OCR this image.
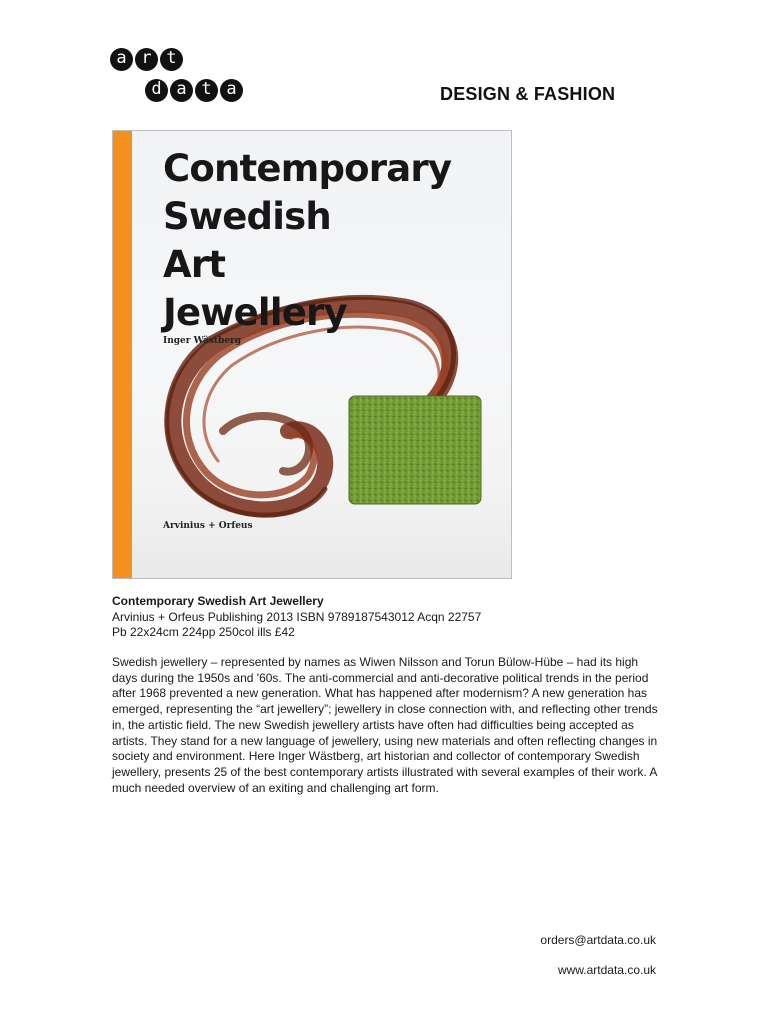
a r t
d a t a	DESIGN & FASHION
Contemporary
Swedish
Art
Jewellery
Inger Wästberg
Arvinius + Orfeus
Contemporary Swedish Art Jewellery
Arvinius + Orfeus Publishing 2013 ISBN 9789187543012 Acqn 22757
Pb 22x24cm 224pp 250col ills £42

Swedish jewellery – represented by names as Wiwen Nilsson and Torun Bülow-Hübe – had its high days during the 1950s and '60s. The anti-commercial and anti-decorative political trends in the period after 1968 prevented a new generation. What has happened after modernism? A new generation has emerged, representing the “art jewellery”; jewellery in close connection with, and reflecting other trends in, the artistic field. The new Swedish jewellery artists have often had difficulties being accepted as artists. They stand for a new language of jewellery, using new materials and often reflecting changes in society and environment. Here Inger Wästberg, art historian and collector of contemporary Swedish jewellery, presents 25 of the best contemporary artists illustrated with several examples of their work. A much needed overview of an exiting and challenging art form.

orders@artdata.co.uk
www.artdata.co.uk
